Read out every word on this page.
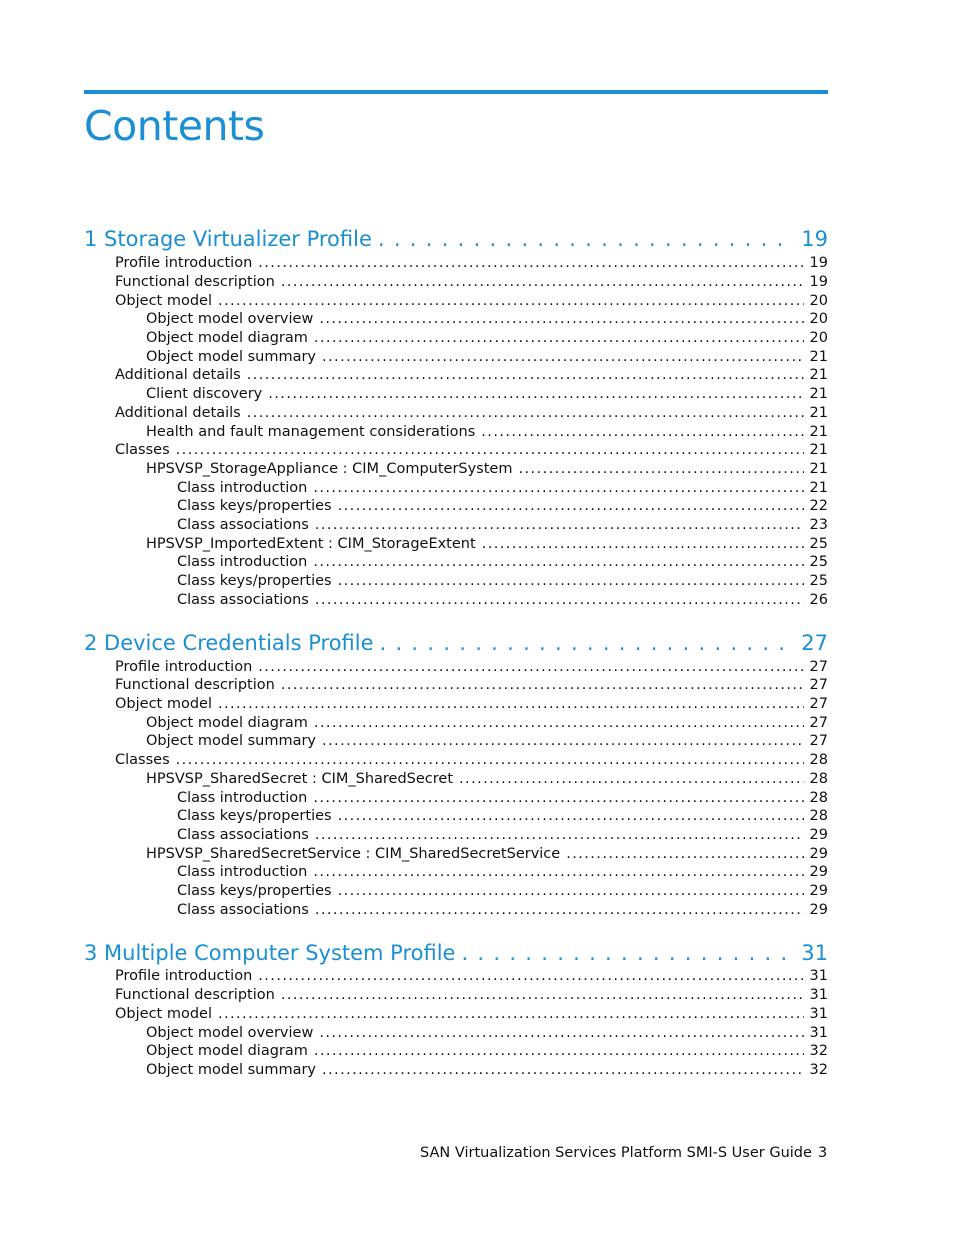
Contents
1 Storage Virtualizer Profile . . .	19
Profile introduction . . .	19
Functional description . . .	19
Object model . . .	20
Object model overview . . .	20
Object model diagram . . .	20
Object model summary . . .	21
Additional details . . .	21
Client discovery . . .	21
Additional details . . .	21
Health and fault management considerations . . .	21
Classes . . .	21
HPSVSP_StorageAppliance : CIM_ComputerSystem . . .	21
Class introduction . . .	21
Class keys/properties . . .	22
Class associations . . .	23
HPSVSP_ImportedExtent : CIM_StorageExtent . . .	25
Class introduction . . .	25
Class keys/properties . . .	25
Class associations . . .	26
2 Device Credentials Profile . . .	27
Profile introduction . . .	27
Functional description . . .	27
Object model . . .	27
Object model diagram . . .	27
Object model summary . . .	27
Classes . . .	28
HPSVSP_SharedSecret : CIM_SharedSecret . . .	28
Class introduction . . .	28
Class keys/properties . . .	28
Class associations . . .	29
HPSVSP_SharedSecretService : CIM_SharedSecretService . . .	29
Class introduction . . .	29
Class keys/properties . . .	29
Class associations . . .	29
3 Multiple Computer System Profile . . .	31
Profile introduction . . .	31
Functional description . . .	31
Object model . . .	31
Object model overview . . .	31
Object model diagram . . .	32
Object model summary . . .	32
SAN Virtualization Services Platform SMI-S User Guide 3
